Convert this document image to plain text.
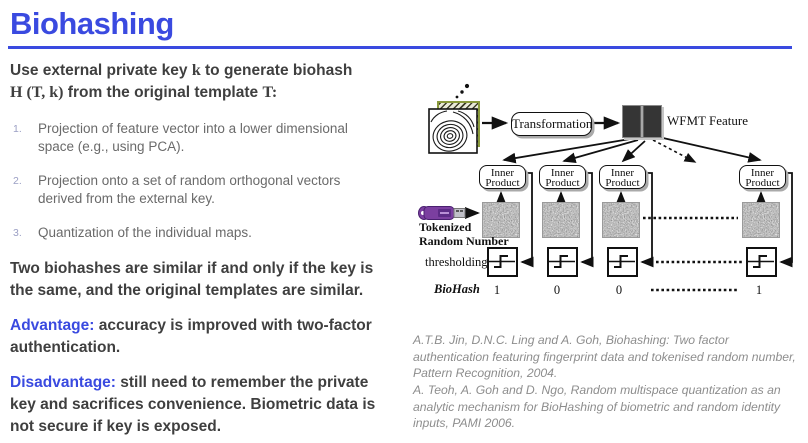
Biohashing

Use external private key k to generate biohash
H (T, k) from the original template T:

1.	Projection of feature vector into a lower dimensional space (e.g., using PCA).
2.	Projection onto a set of random orthogonal vectors derived from the external key.
3.	Quantization of the individual maps.

Two biohashes are similar if and only if the key is the same, and the original templates are similar.

Advantage: accuracy is improved with two-factor authentication.

Disadvantage: still need to remember the private key and sacrifices convenience. Biometric data is not secure if key is exposed.

Transformation	WFMT Feature
Inner
Product
Inner
Product
Inner
Product
Inner
Product
Tokenized
Random Number
thresholding
BioHash	1	0	0	1

A.T.B. Jin, D.N.C. Ling and A. Goh, Biohashing: Two factor authentication featuring fingerprint data and tokenised random number, Pattern Recognition, 2004.

A. Teoh, A. Goh and D. Ngo, Random multispace quantization as an analytic mechanism for BioHashing of biometric and random identity inputs, PAMI 2006.
